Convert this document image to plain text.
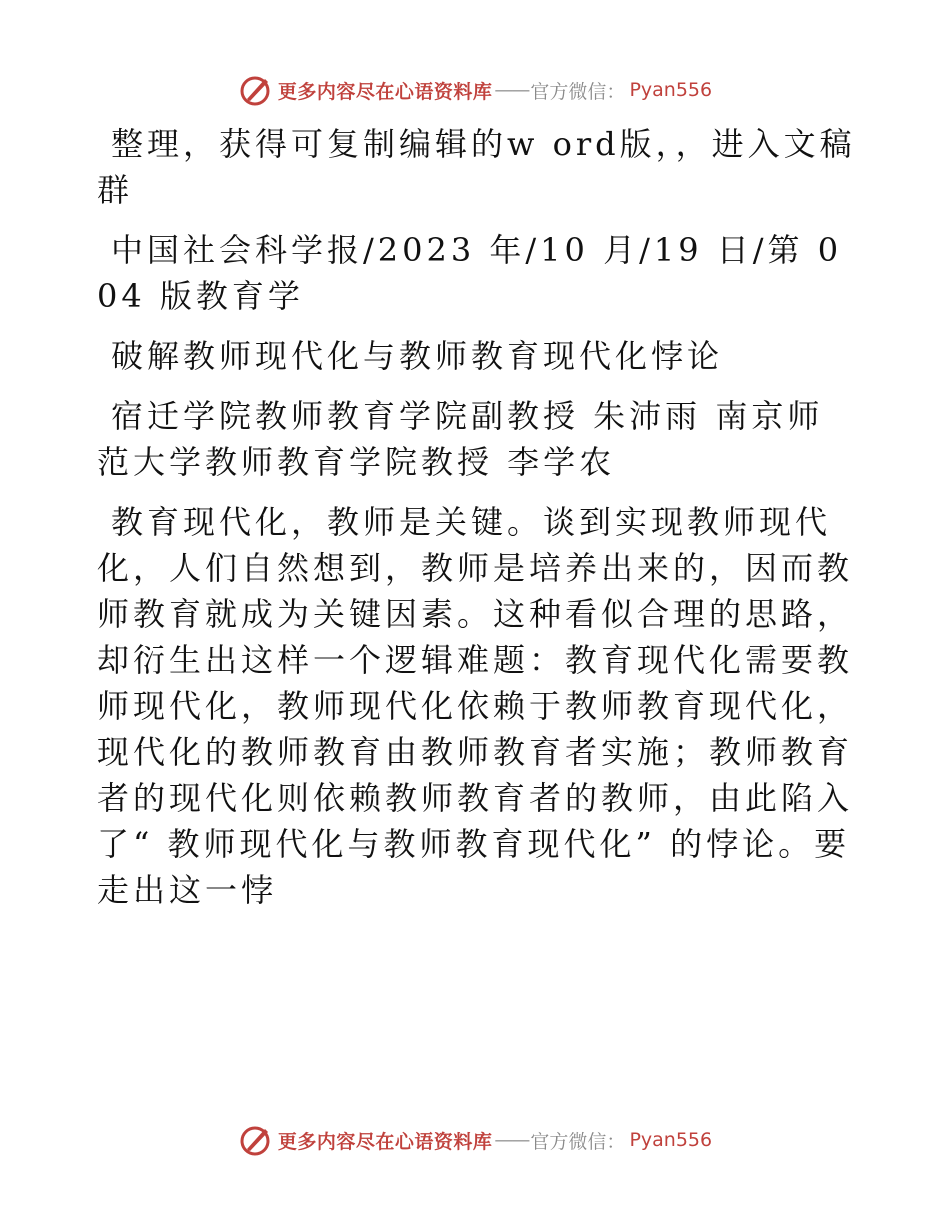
更多内容尽在心语资料库 —— 官方微信： Pyan556

整理，获得可复制编辑的w ord版，，进入文稿群

中国社会科学报/2023 年/10 月/19 日/第 004 版教育学

破解教师现代化与教师教育现代化悖论

宿迁学院教师教育学院副教授 朱沛雨 南京师范大学教师教育学院教授 李学农

教育现代化，教师是关键。谈到实现教师现代化，人们自然想到，教师是培养出来的，因而教师教育就成为关键因素。这种看似合理的思路，却衍生出这样一个逻辑难题：教育现代化需要教师现代化，教师现代化依赖于教师教育现代化，现代化的教师教育由教师教育者实施；教师教育者的现代化则依赖教师教育者的教师，由此陷入了“ 教师现代化与教师教育现代化” 的悖论。要走出这一悖

更多内容尽在心语资料库 —— 官方微信： Pyan556
